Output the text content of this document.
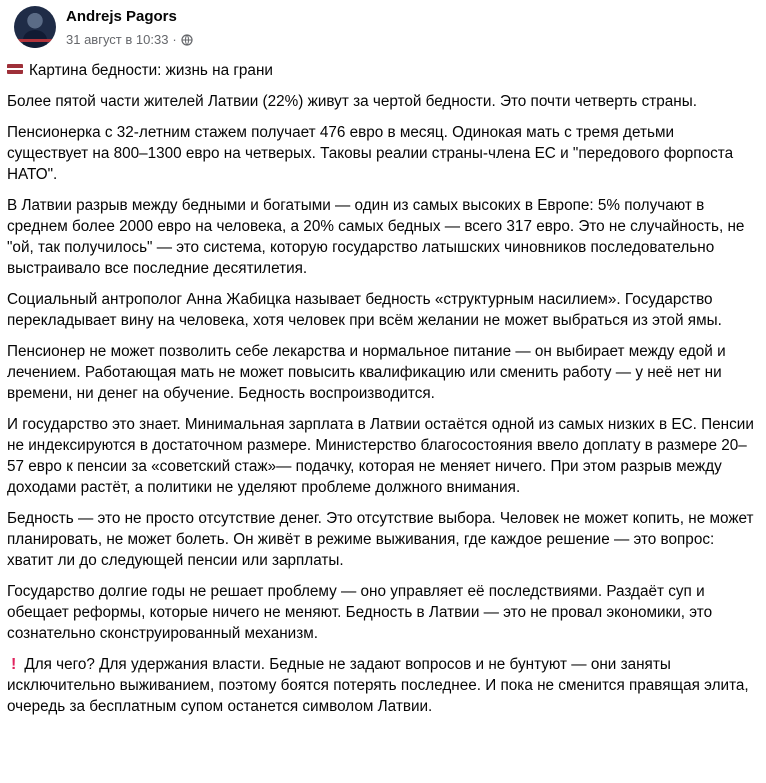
Andrejs Pagors
31 август в 10:33 ·

Картина бедности: жизнь на грани

Более пятой части жителей Латвии (22%) живут за чертой бедности. Это почти четверть страны.

Пенсионерка с 32-летним стажем получает 476 евро в месяц. Одинокая мать с тремя детьми существует на 800–1300 евро на четверых. Таковы реалии страны-члена ЕС и "передового форпоста НАТО".

В Латвии разрыв между бедными и богатыми — один из самых высоких в Европе: 5% получают в среднем более 2000 евро на человека, а 20% самых бедных — всего 317 евро. Это не случайность, не "ой, так получилось" — это система, которую государство латышских чиновников последовательно выстраивало все последние десятилетия.

Социальный антрополог Анна Жабицка называет бедность «структурным насилием». Государство перекладывает вину на человека, хотя человек при всём желании не может выбраться из этой ямы.

Пенсионер не может позволить себе лекарства и нормальное питание — он выбирает между едой и лечением. Работающая мать не может повысить квалификацию или сменить работу — у неё нет ни времени, ни денег на обучение. Бедность воспроизводится.

И государство это знает. Минимальная зарплата в Латвии остаётся одной из самых низких в ЕС. Пенсии не индексируются в достаточном размере. Министерство благосостояния ввело доплату в размере 20–57 евро к пенсии за «советский стаж»— подачку, которая не меняет ничего. При этом разрыв между доходами растёт, а политики не уделяют проблеме должного внимания.

Бедность — это не просто отсутствие денег. Это отсутствие выбора. Человек не может копить, не может планировать, не может болеть. Он живёт в режиме выживания, где каждое решение — это вопрос: хватит ли до следующей пенсии или зарплаты.

Государство долгие годы не решает проблему — оно управляет её последствиями. Раздаёт суп и обещает реформы, которые ничего не меняют. Бедность в Латвии — это не провал экономики, это сознательно сконструированный механизм.

! Для чего? Для удержания власти. Бедные не задают вопросов и не бунтуют — они заняты исключительно выживанием, поэтому боятся потерять последнее. И пока не сменится правящая элита, очередь за бесплатным супом останется символом Латвии.
